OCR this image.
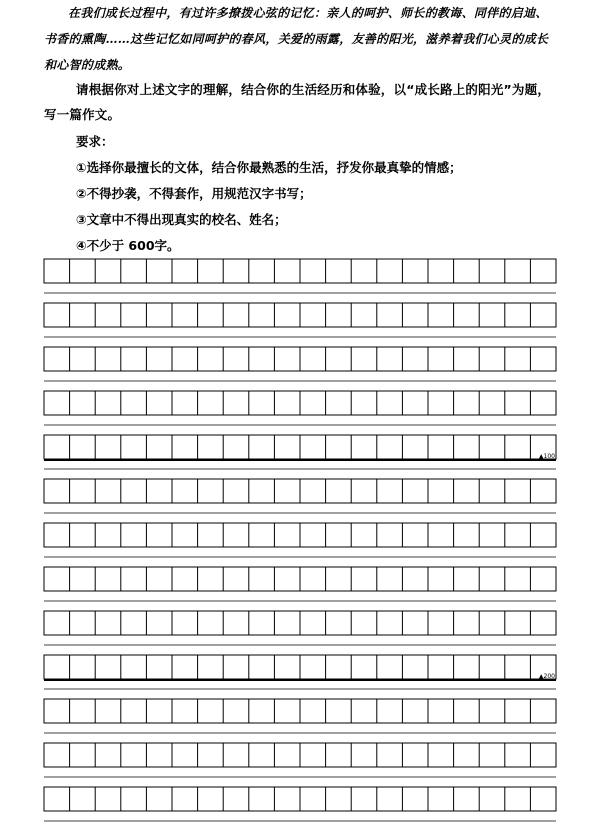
在我们成长过程中，有过许多撩拨心弦的记忆：亲人的呵护、师长的教诲、同伴的启迪、书香的熏陶……这些记忆如同呵护的春风，关爱的雨露，友善的阳光，滋养着我们心灵的成长和心智的成熟。

请根据你对上述文字的理解，结合你的生活经历和体验，以“成长路上的阳光”为题，写一篇作文。

要求：
①选择你最擅长的文体，结合你最熟悉的生活，抒发你最真挚的情感；
②不得抄袭，不得套作，用规范汉字书写；
③文章中不得出现真实的校名、姓名；
④不少于 600字。
▲100
▲200
